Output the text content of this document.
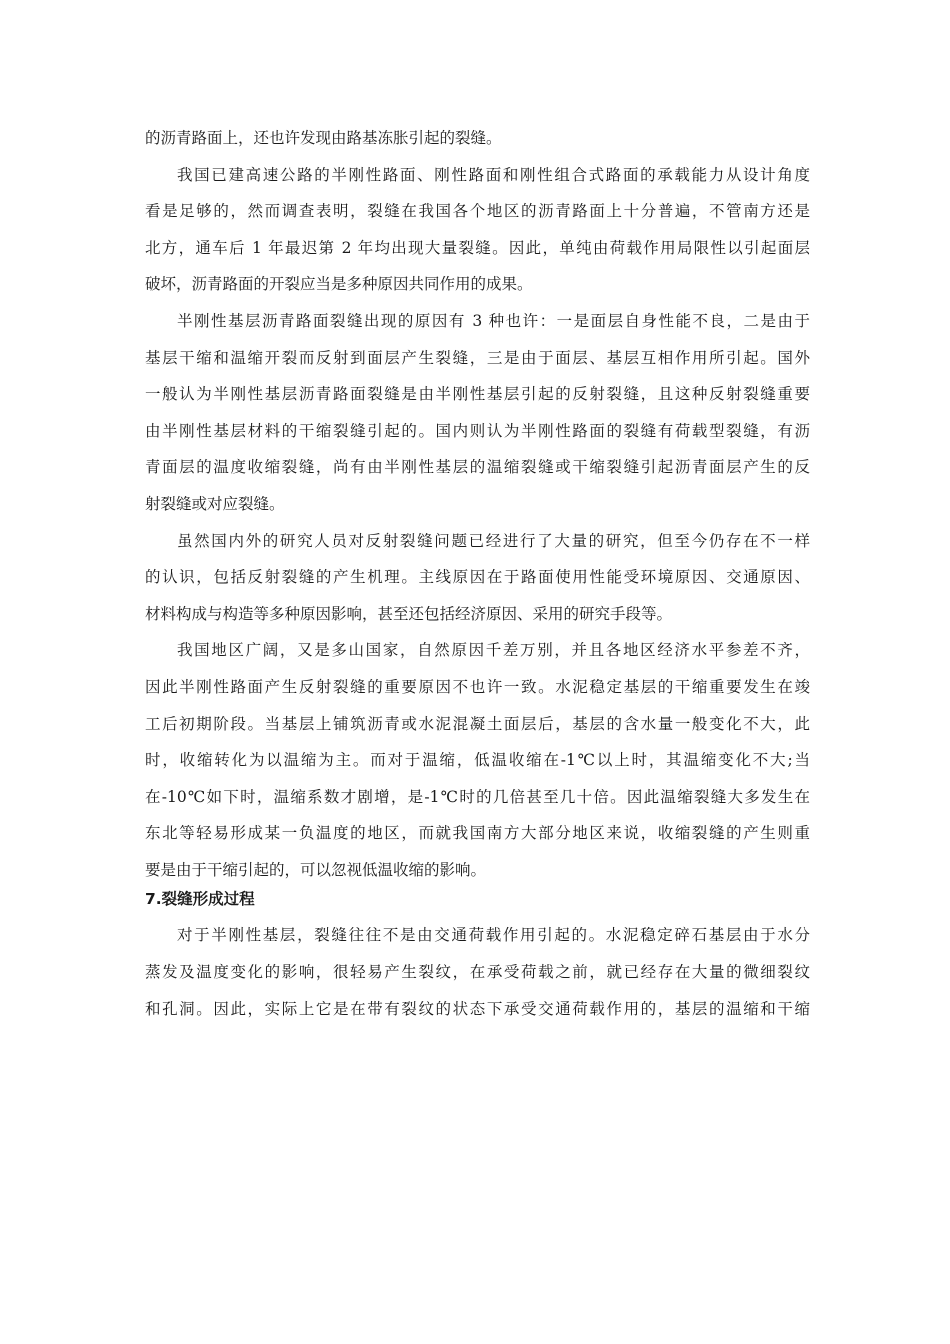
的沥青路面上，还也许发现由路基冻胀引起的裂缝。
我国已建高速公路的半刚性路面、刚性路面和刚性组合式路面的承载能力从设计角度
看是足够的，然而调查表明，裂缝在我国各个地区的沥青路面上十分普遍，不管南方还是
北方，通车后 1 年最迟第 2 年均出现大量裂缝。因此，单纯由荷载作用局限性以引起面层
破坏，沥青路面的开裂应当是多种原因共同作用的成果。
半刚性基层沥青路面裂缝出现的原因有 3 种也许：一是面层自身性能不良，二是由于
基层干缩和温缩开裂而反射到面层产生裂缝，三是由于面层、基层互相作用所引起。国外
一般认为半刚性基层沥青路面裂缝是由半刚性基层引起的反射裂缝，且这种反射裂缝重要
由半刚性基层材料的干缩裂缝引起的。国内则认为半刚性路面的裂缝有荷载型裂缝，有沥
青面层的温度收缩裂缝，尚有由半刚性基层的温缩裂缝或干缩裂缝引起沥青面层产生的反
射裂缝或对应裂缝。
虽然国内外的研究人员对反射裂缝问题已经进行了大量的研究，但至今仍存在不一样
的认识，包括反射裂缝的产生机理。主线原因在于路面使用性能受环境原因、交通原因、
材料构成与构造等多种原因影响，甚至还包括经济原因、采用的研究手段等。
我国地区广阔，又是多山国家，自然原因千差万别，并且各地区经济水平参差不齐，
因此半刚性路面产生反射裂缝的重要原因不也许一致。水泥稳定基层的干缩重要发生在竣
工后初期阶段。当基层上铺筑沥青或水泥混凝土面层后，基层的含水量一般变化不大，此
时，收缩转化为以温缩为主。而对于温缩，低温收缩在-1℃以上时，其温缩变化不大;当
在-10℃如下时，温缩系数才剧增，是-1℃时的几倍甚至几十倍。因此温缩裂缝大多发生在
东北等轻易形成某一负温度的地区，而就我国南方大部分地区来说，收缩裂缝的产生则重
要是由于干缩引起的，可以忽视低温收缩的影响。
7.裂缝形成过程
对于半刚性基层，裂缝往往不是由交通荷载作用引起的。水泥稳定碎石基层由于水分
蒸发及温度变化的影响，很轻易产生裂纹，在承受荷载之前，就已经存在大量的微细裂纹
和孔洞。因此，实际上它是在带有裂纹的状态下承受交通荷载作用的，基层的温缩和干缩
